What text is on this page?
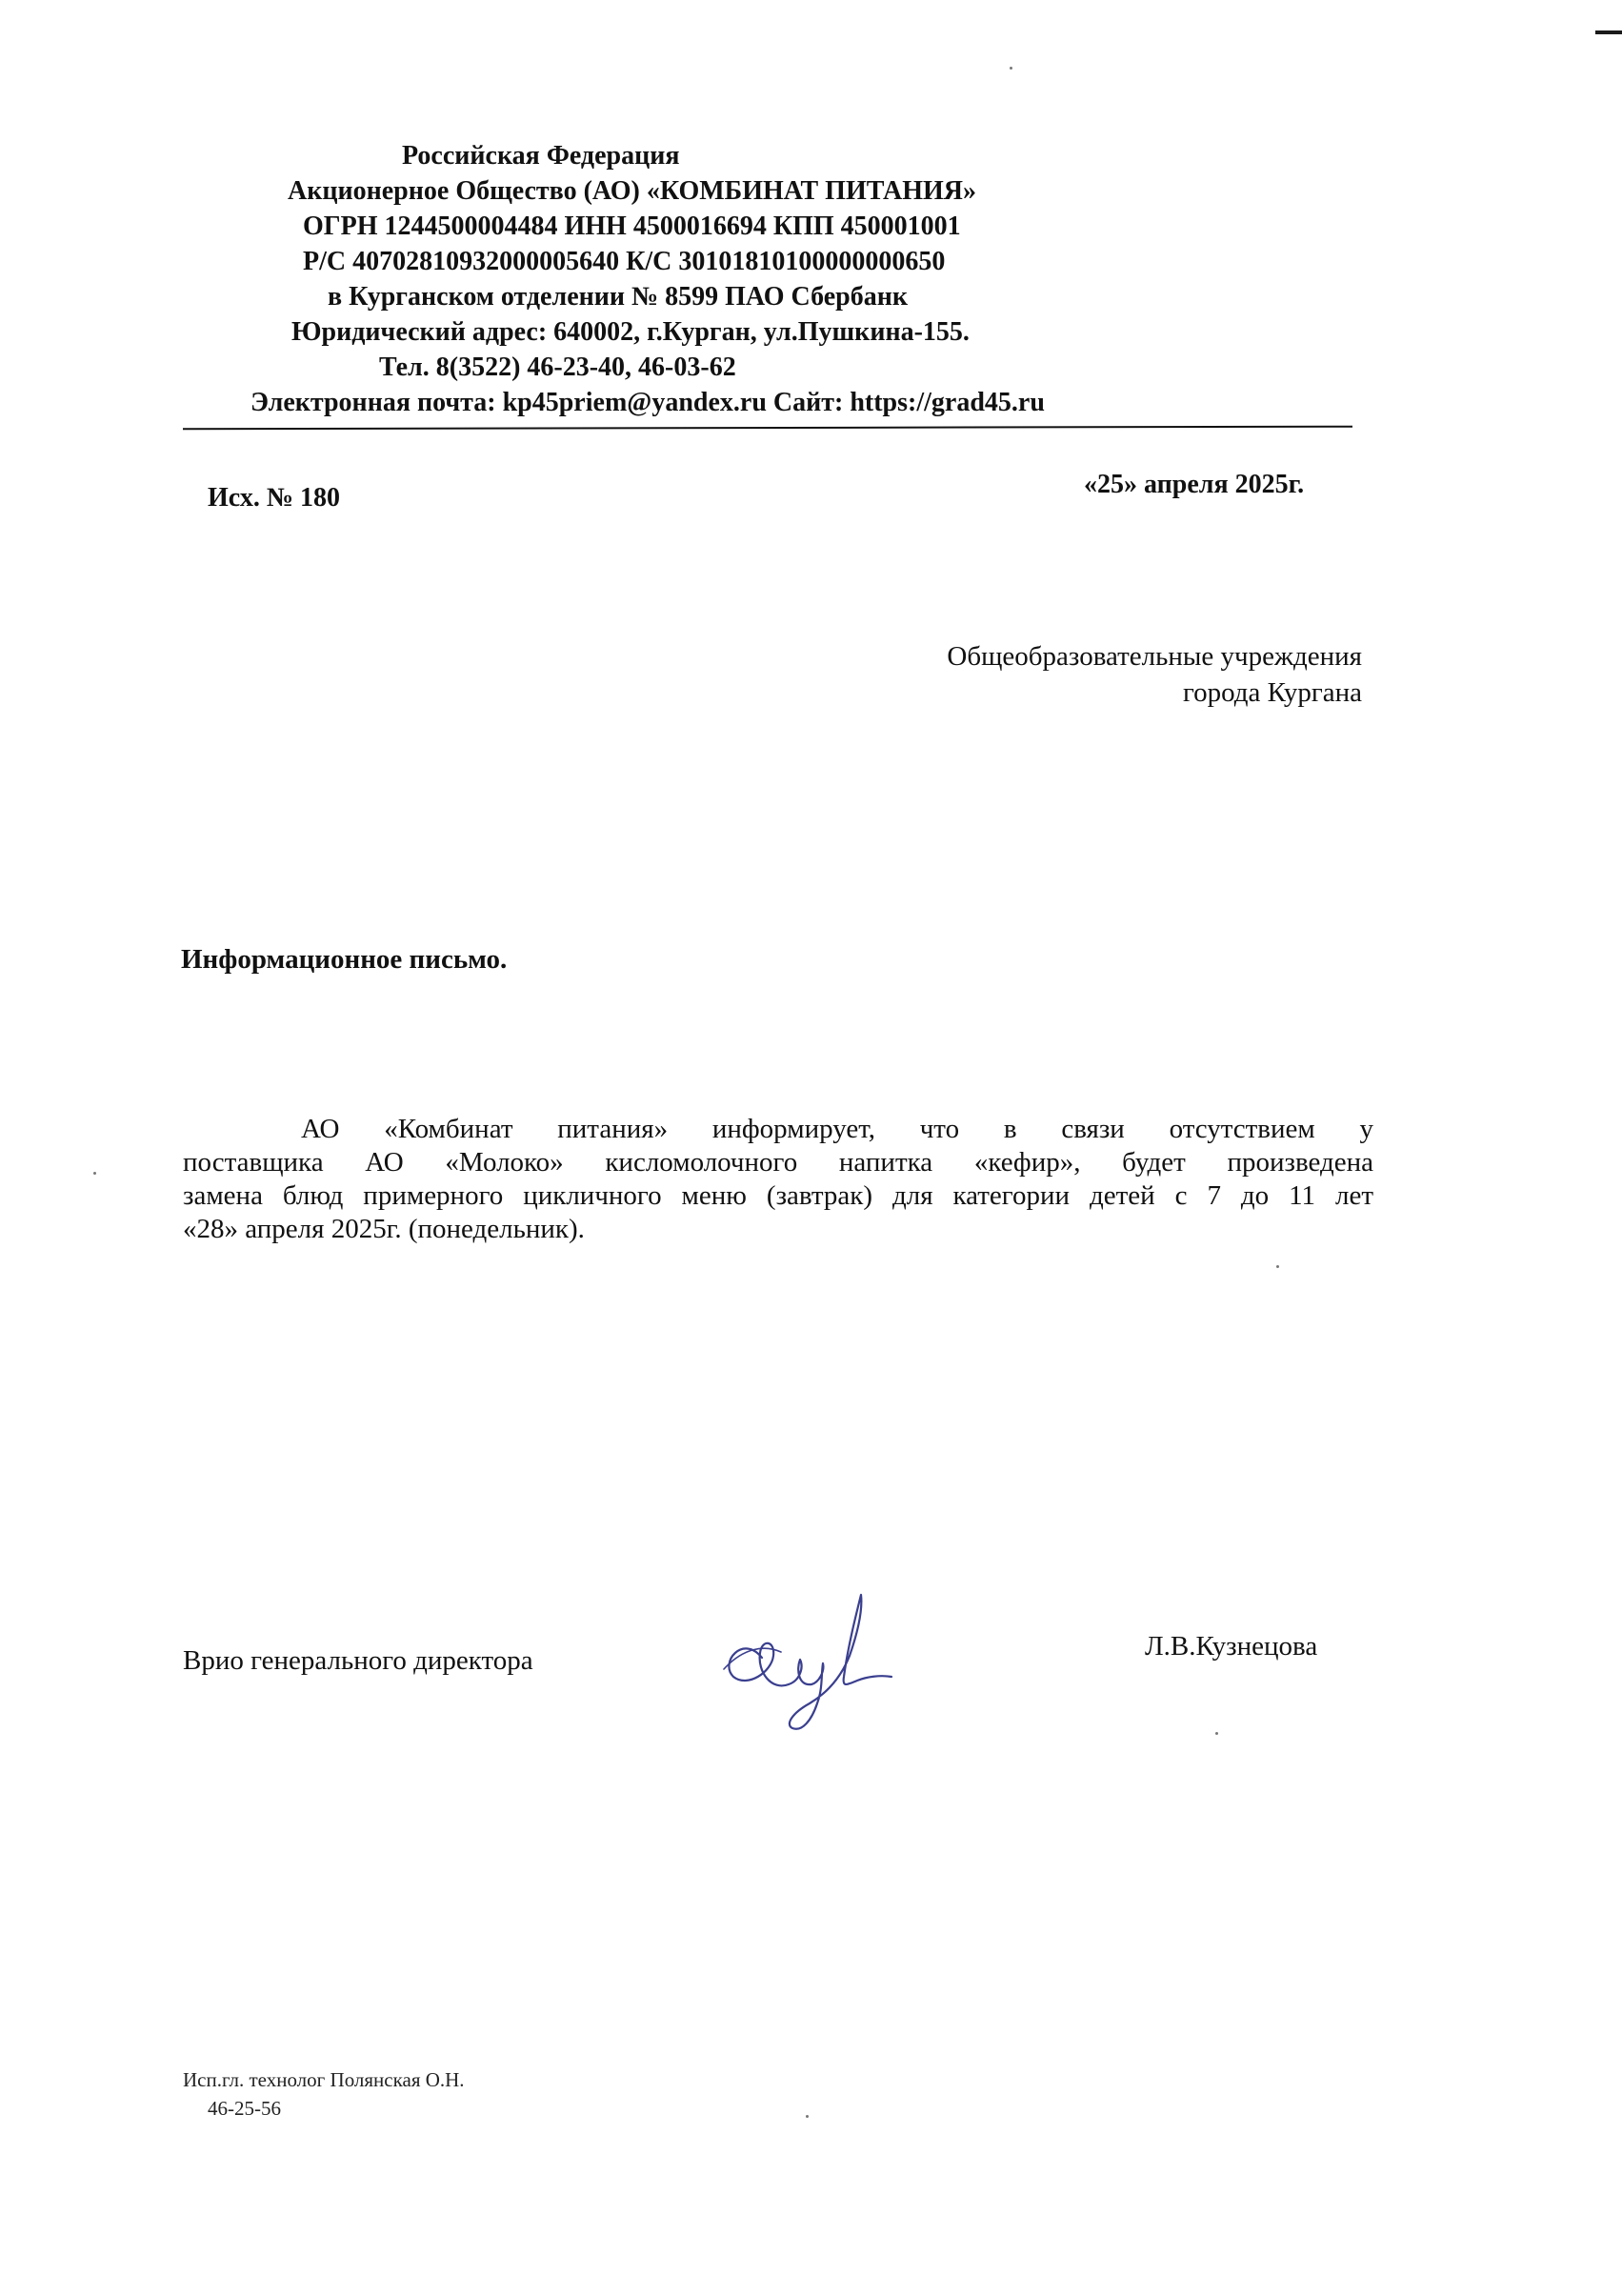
Российская Федерация
Акционерное Общество (АО) «КОМБИНАТ ПИТАНИЯ»
ОГРН 1244500004484 ИНН 4500016694 КПП 450001001
Р/С 40702810932000005640 К/С 30101810100000000650
в Курганском отделении № 8599 ПАО Сбербанк
Юридический адрес: 640002, г.Курган, ул.Пушкина-155.
Тел. 8(3522) 46-23-40, 46-03-62
Электронная почта: kp45priem@yandex.ru Сайт: https://grad45.ru
Исх. № 180	«25» апреля 2025г.
Общеобразовательные учреждения
города Кургана
Информационное письмо.
АО «Комбинат питания» информирует, что в связи отсутствием у
поставщика АО «Молоко» кисломолочного напитка «кефир», будет произведена
замена блюд примерного цикличного меню (завтрак) для категории детей с 7 до 11 лет
«28» апреля 2025г. (понедельник).
Врио генерального директора	Л.В.Кузнецова
Исп.гл. технолог Полянская О.Н.
46-25-56
